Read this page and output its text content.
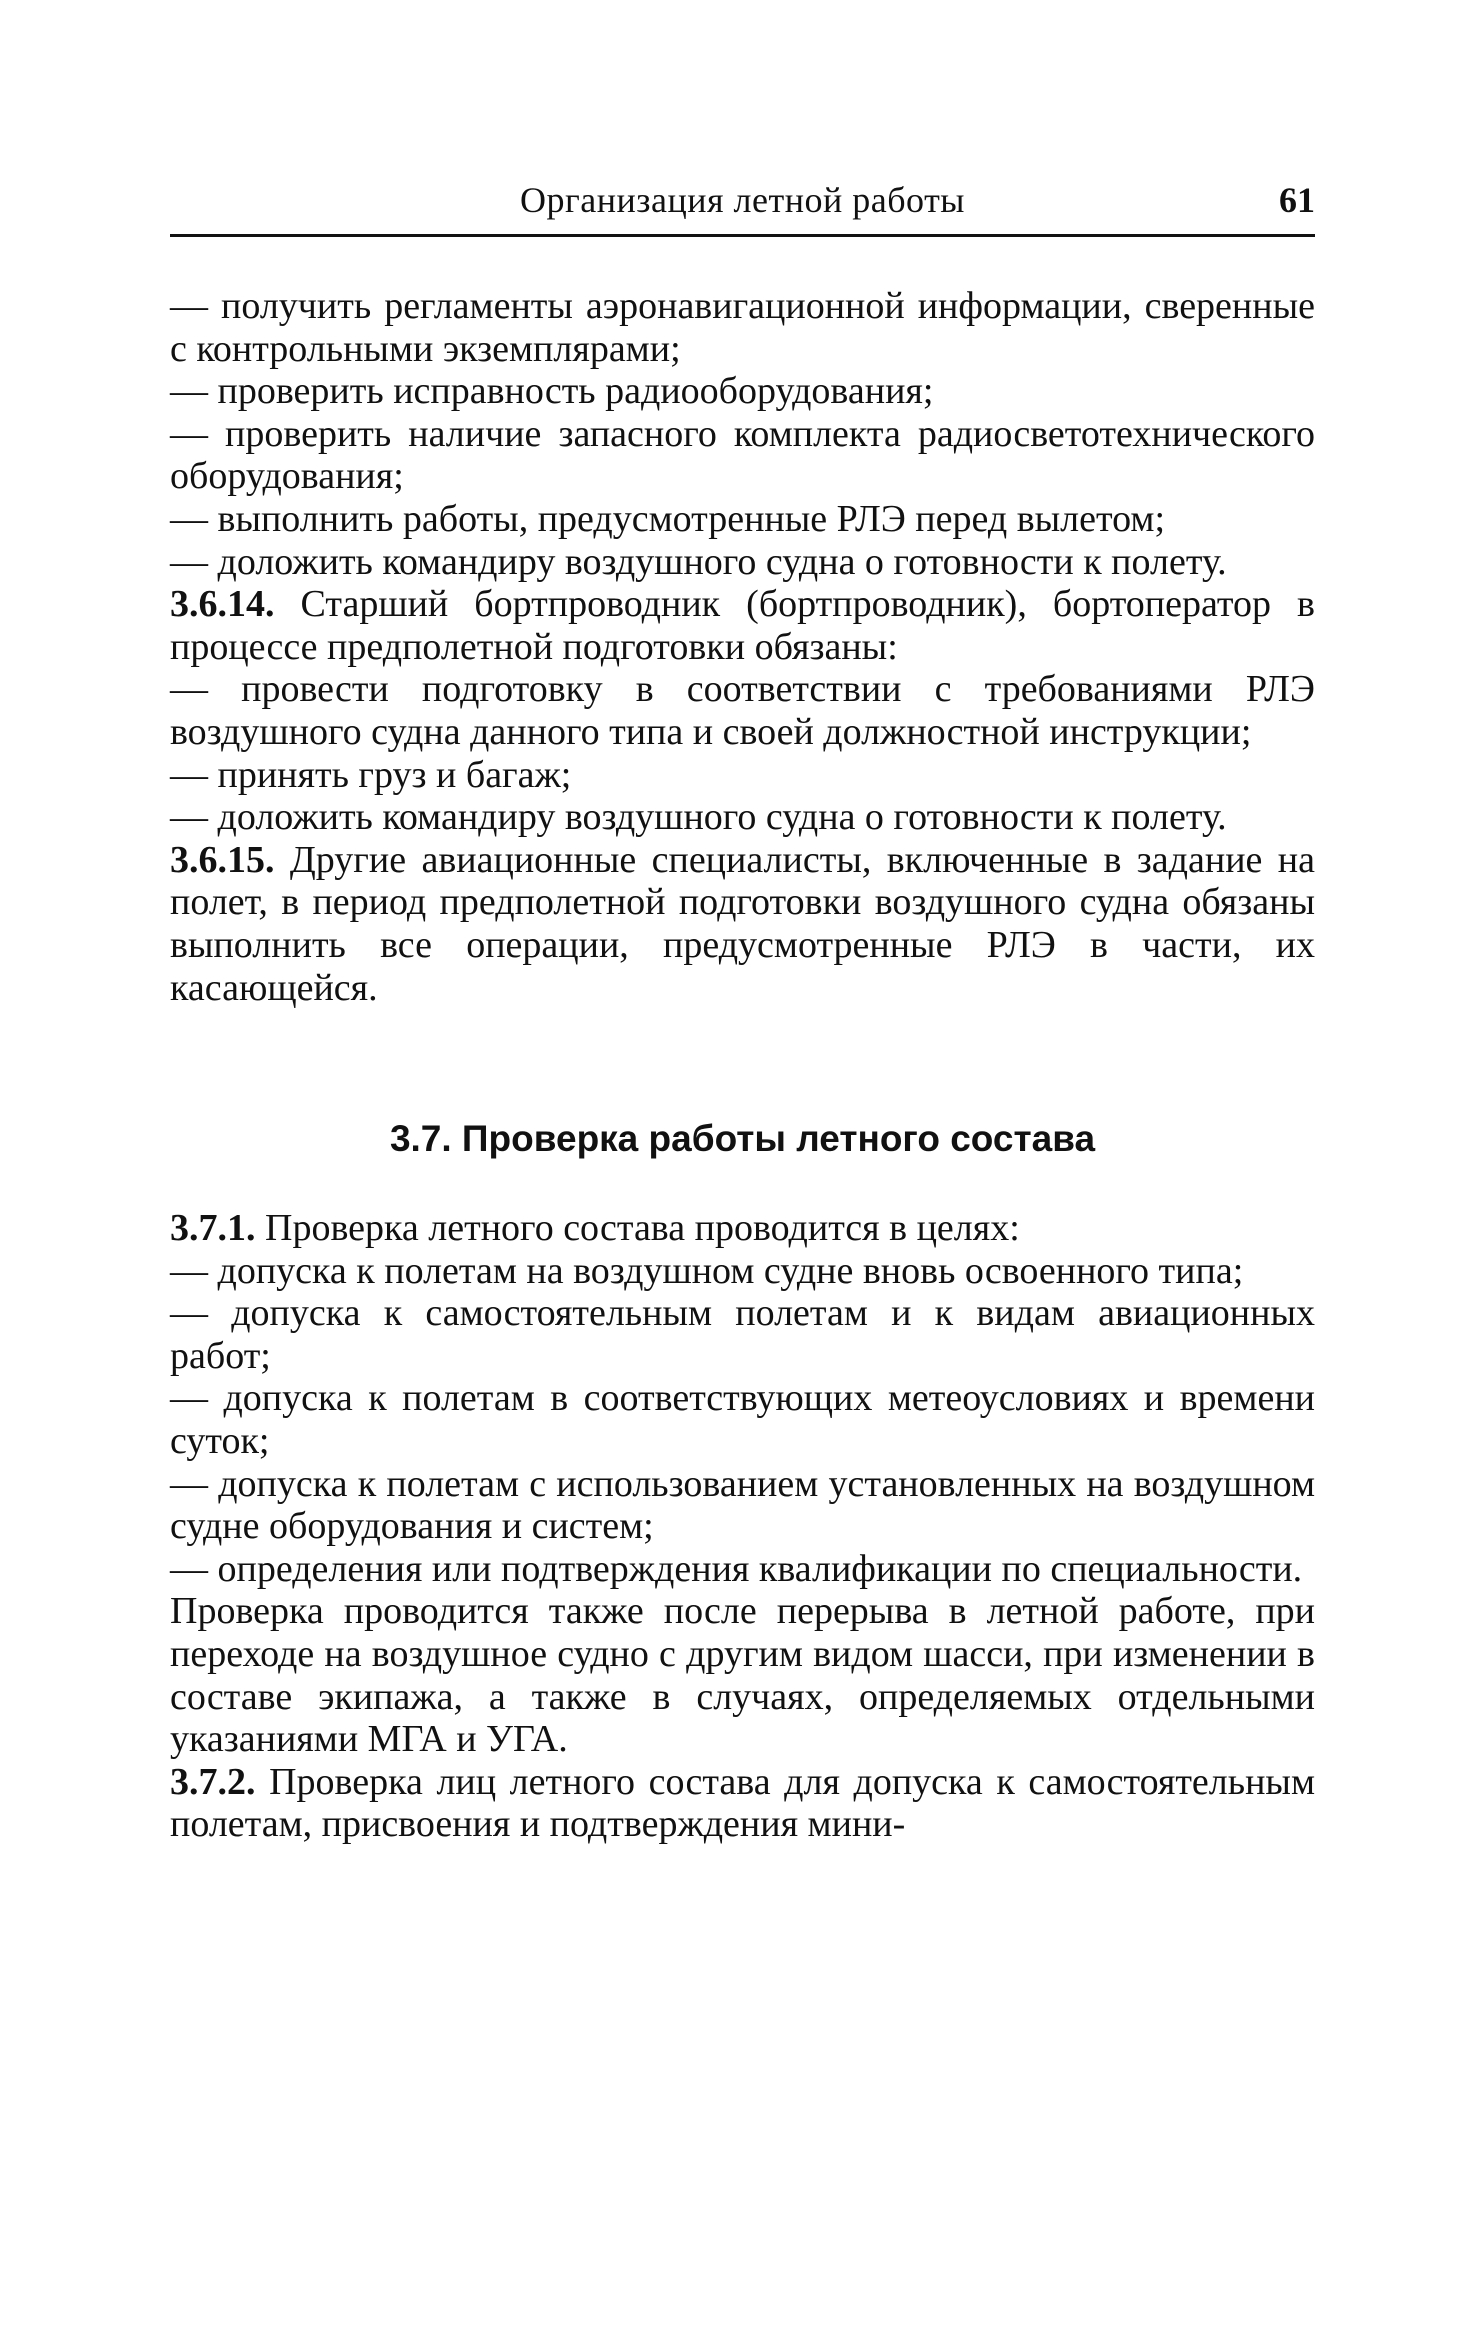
Организация летной работы	61

— получить регламенты аэронавигационной информации, сверенные с контрольными экземплярами;

— проверить исправность радиооборудования;

— проверить наличие запасного комплекта радиосветотехнического оборудования;

— выполнить работы, предусмотренные РЛЭ перед вылетом;

— доложить командиру воздушного судна о готовности к полету.

3.6.14. Старший бортпроводник (бортпроводник), бортоператор в процессе предполетной подготовки обязаны:

— провести подготовку в соответствии с требованиями РЛЭ воздушного судна данного типа и своей должностной инструкции;

— принять груз и багаж;

— доложить командиру воздушного судна о готовности к полету.

3.6.15. Другие авиационные специалисты, включенные в задание на полет, в период предполетной подготовки воздушного судна обязаны выполнить все операции, предусмотренные РЛЭ в части, их касающейся.

3.7. Проверка работы летного состава

3.7.1. Проверка летного состава проводится в целях:

— допуска к полетам на воздушном судне вновь освоенного типа;

— допуска к самостоятельным полетам и к видам авиационных работ;

— допуска к полетам в соответствующих метеоусловиях и времени суток;

— допуска к полетам с использованием установленных на воздушном судне оборудования и систем;

— определения или подтверждения квалификации по специальности.

Проверка проводится также после перерыва в летной работе, при переходе на воздушное судно с другим видом шасси, при изменении в составе экипажа, а также в случаях, определяемых отдельными указаниями МГА и УГА.

3.7.2. Проверка лиц летного состава для допуска к самостоятельным полетам, присвоения и подтверждения мини-
